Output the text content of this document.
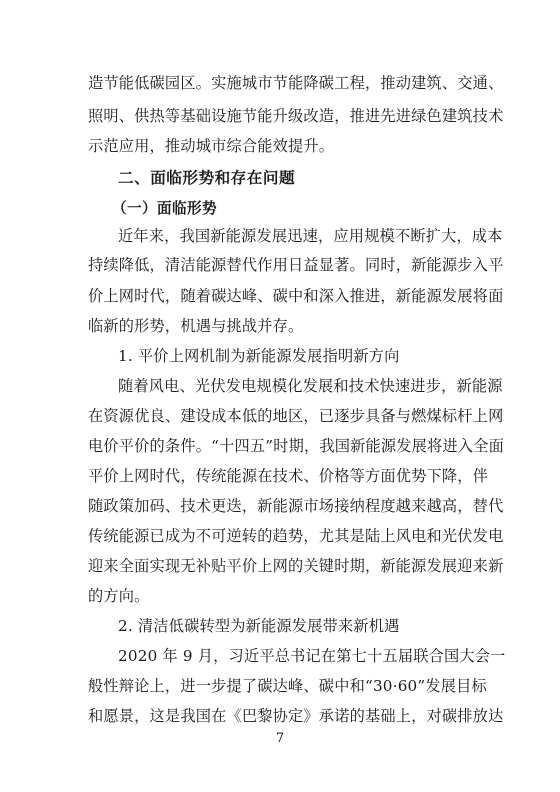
造节能低碳园区。实施城市节能降碳工程，推动建筑、交通、
照明、供热等基础设施节能升级改造，推进先进绿色建筑技术
示范应用，推动城市综合能效提升。
二、面临形势和存在问题
（一）面临形势
近年来，我国新能源发展迅速，应用规模不断扩大，成本
持续降低，清洁能源替代作用日益显著。同时，新能源步入平
价上网时代，随着碳达峰、碳中和深入推进，新能源发展将面
临新的形势，机遇与挑战并存。
1. 平价上网机制为新能源发展指明新方向
随着风电、光伏发电规模化发展和技术快速进步，新能源
在资源优良、建设成本低的地区，已逐步具备与燃煤标杆上网
电价平价的条件。“十四五”时期，我国新能源发展将进入全面
平价上网时代，传统能源在技术、价格等方面优势下降，伴
随政策加码、技术更迭，新能源市场接纳程度越来越高，替代
传统能源已成为不可逆转的趋势，尤其是陆上风电和光伏发电
迎来全面实现无补贴平价上网的关键时期，新能源发展迎来新
的方向。
2. 清洁低碳转型为新能源发展带来新机遇
2020 年 9 月，习近平总书记在第七十五届联合国大会一
般性辩论上，进一步提了碳达峰、碳中和“30·60”发展目标
和愿景，这是我国在《巴黎协定》承诺的基础上，对碳排放达
7
